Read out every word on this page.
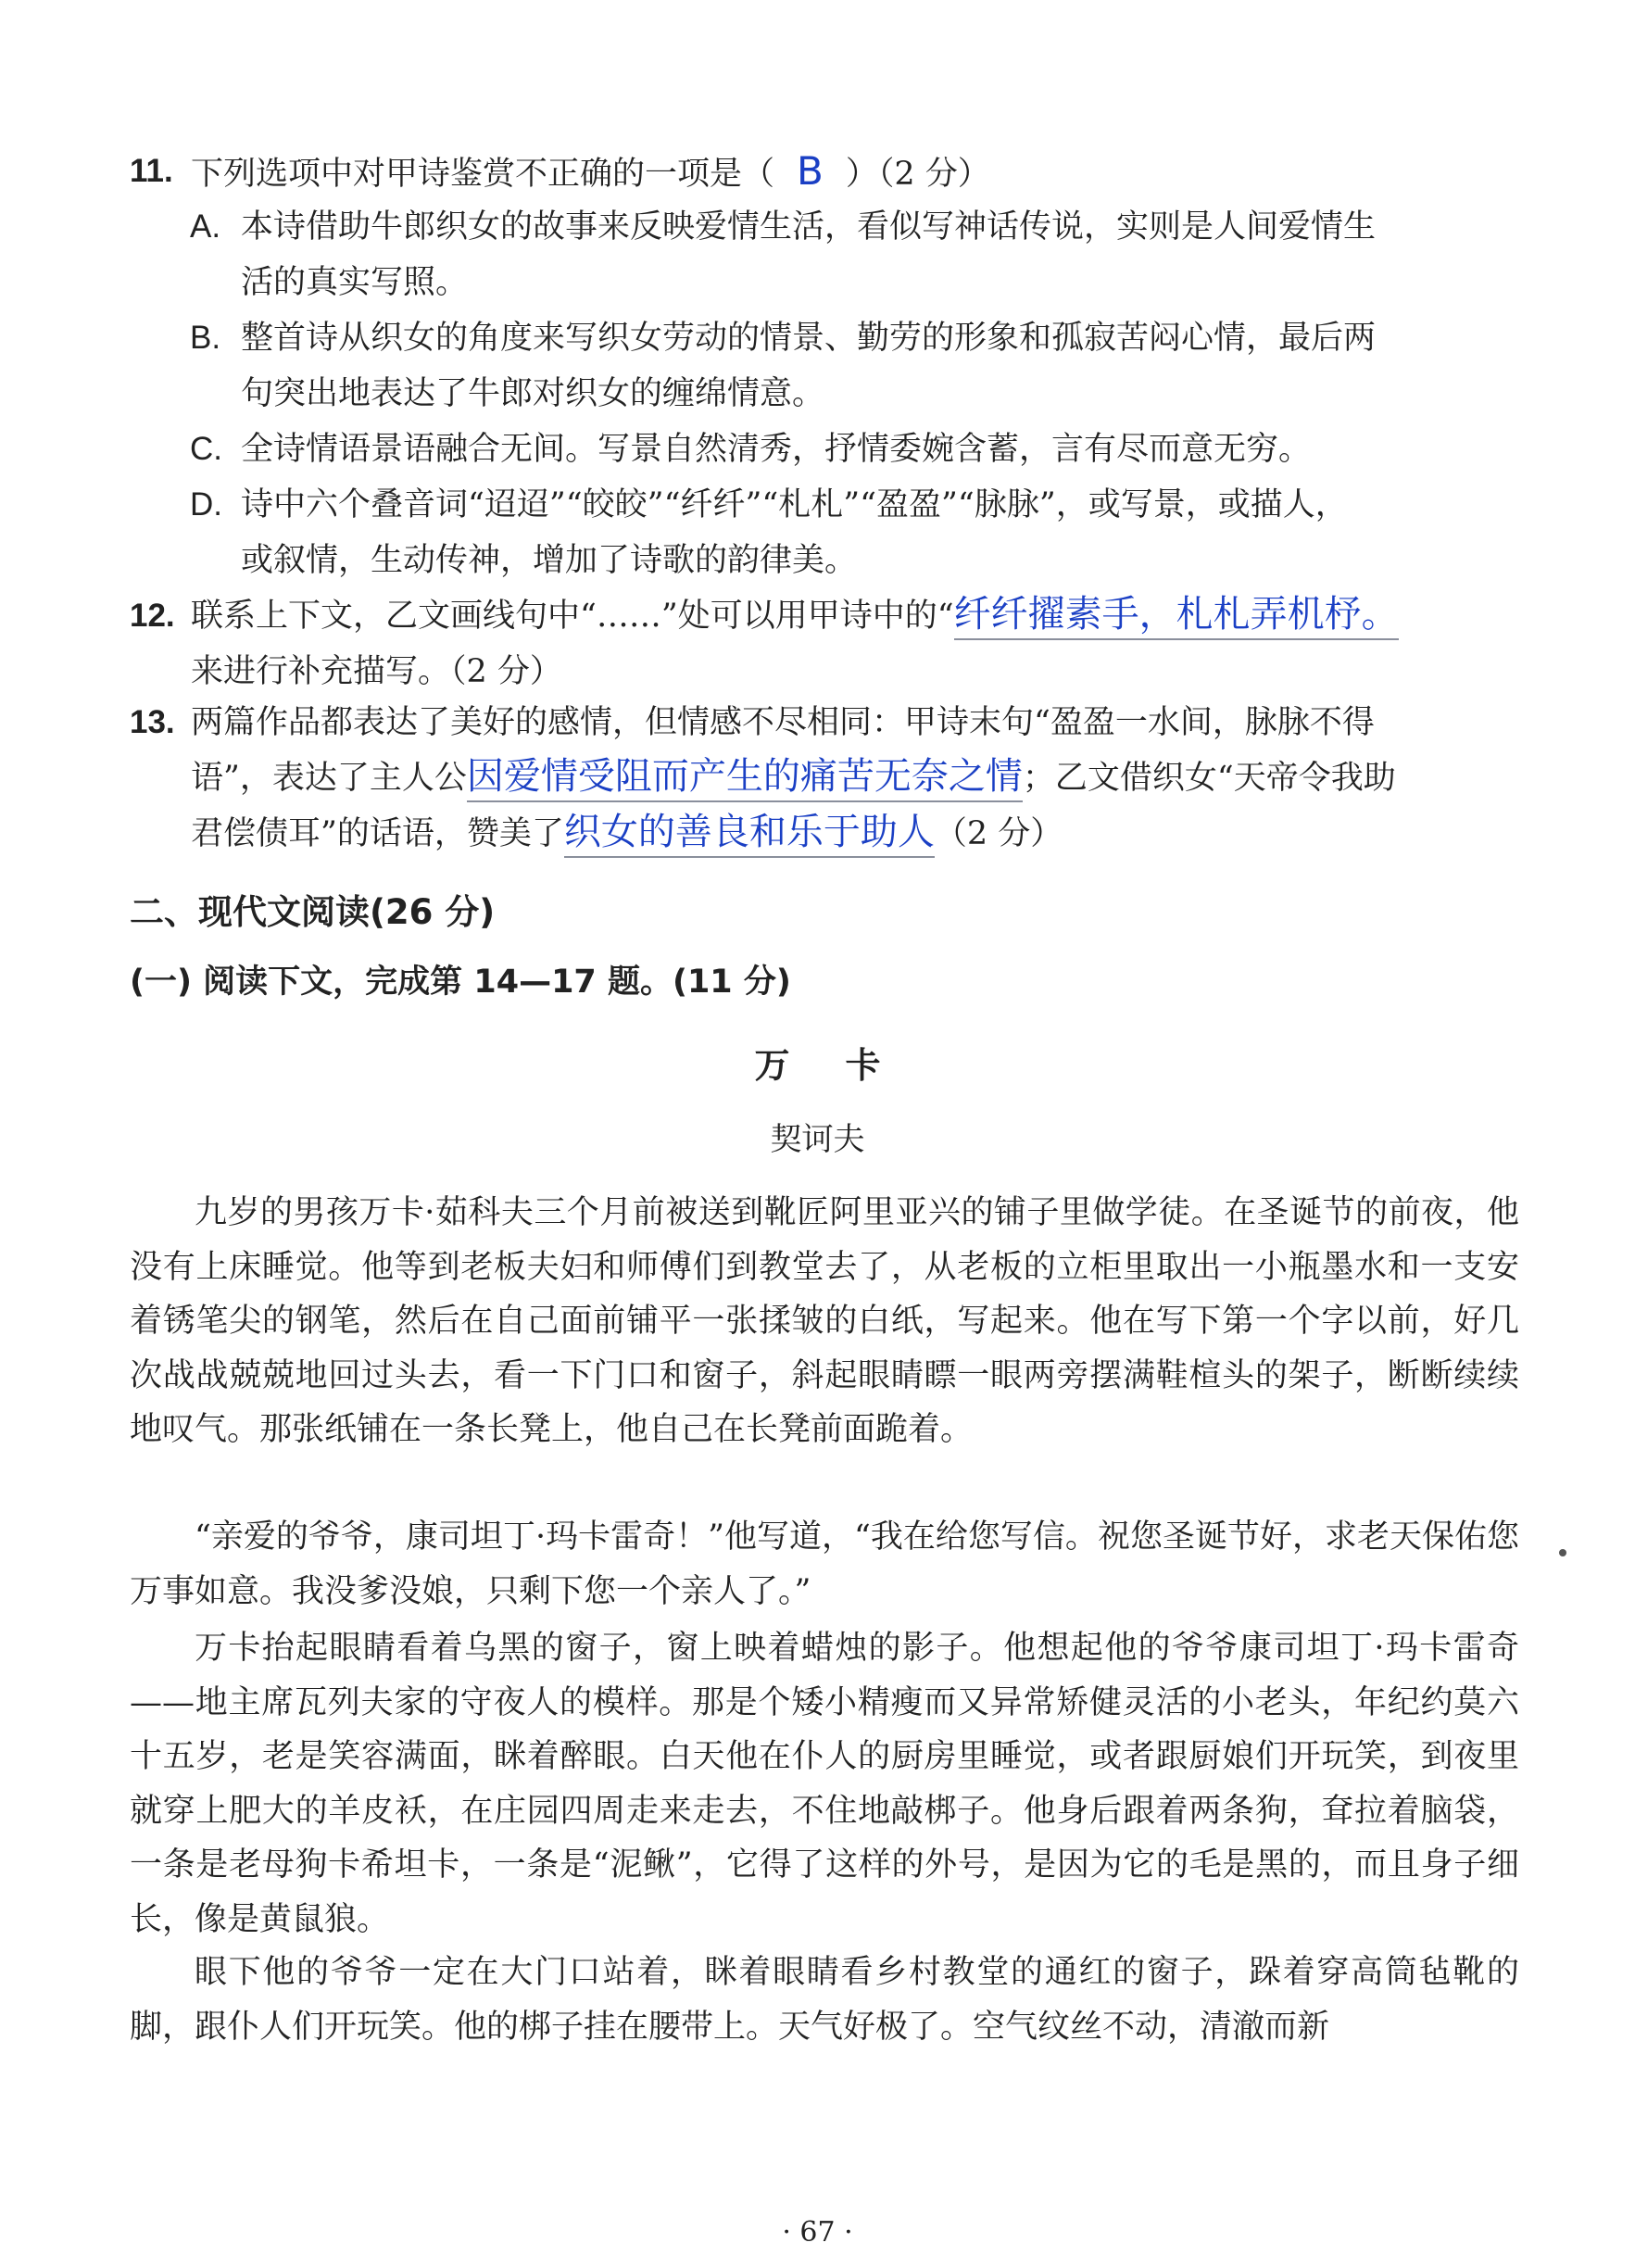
11. 下列选项中对甲诗鉴赏不正确的一项是（ B ）（2 分）
A. 本诗借助牛郎织女的故事来反映爱情生活，看似写神话传说，实则是人间爱情生
活的真实写照。
B. 整首诗从织女的角度来写织女劳动的情景、勤劳的形象和孤寂苦闷心情，最后两
句突出地表达了牛郎对织女的缠绵情意。
C. 全诗情语景语融合无间。写景自然清秀，抒情委婉含蓄，言有尽而意无穷。
D. 诗中六个叠音词“迢迢”“皎皎”“纤纤”“札札”“盈盈”“脉脉”，或写景，或描人，
或叙情，生动传神，增加了诗歌的韵律美。
12. 联系上下文，乙文画线句中“……”处可以用甲诗中的“纤纤擢素手，札札弄机杼。
来进行补充描写。（2 分）
13. 两篇作品都表达了美好的感情，但情感不尽相同：甲诗末句“盈盈一水间，脉脉不得
语”，表达了主人公因爱情受阻而产生的痛苦无奈之情；乙文借织女“天帝令我助
君偿债耳”的话语，赞美了织女的善良和乐于助人（2 分）
二、现代文阅读(26 分)
(一) 阅读下文，完成第 14—17 题。(11 分)
万卡
契诃夫
九岁的男孩万卡·茹科夫三个月前被送到靴匠阿里亚兴的铺子里做学徒。在圣诞节的前夜，他没有上床睡觉。他等到老板夫妇和师傅们到教堂去了，从老板的立柜里取出一小瓶墨水和一支安着锈笔尖的钢笔，然后在自己面前铺平一张揉皱的白纸，写起来。他在写下第一个字以前，好几次战战兢兢地回过头去，看一下门口和窗子，斜起眼睛瞟一眼两旁摆满鞋楦头的架子，断断续续地叹气。那张纸铺在一条长凳上，他自己在长凳前面跪着。
“亲爱的爷爷，康司坦丁·玛卡雷奇！”他写道，“我在给您写信。祝您圣诞节好，求老天保佑您万事如意。我没爹没娘，只剩下您一个亲人了。”
万卡抬起眼睛看着乌黑的窗子，窗上映着蜡烛的影子。他想起他的爷爷康司坦丁·玛卡雷奇——地主席瓦列夫家的守夜人的模样。那是个矮小精瘦而又异常矫健灵活的小老头，年纪约莫六十五岁，老是笑容满面，眯着醉眼。白天他在仆人的厨房里睡觉，或者跟厨娘们开玩笑，到夜里就穿上肥大的羊皮袄，在庄园四周走来走去，不住地敲梆子。他身后跟着两条狗，耷拉着脑袋，一条是老母狗卡希坦卡，一条是“泥鳅”，它得了这样的外号，是因为它的毛是黑的，而且身子细长，像是黄鼠狼。
眼下他的爷爷一定在大门口站着，眯着眼睛看乡村教堂的通红的窗子，跺着穿高筒毡靴的脚，跟仆人们开玩笑。他的梆子挂在腰带上。天气好极了。空气纹丝不动，清澈而新
· 67 ·
